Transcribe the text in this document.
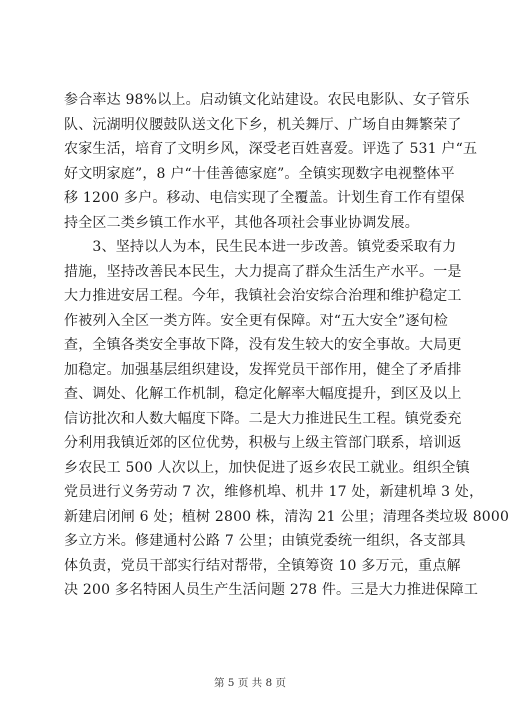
参合率达 98%以上。启动镇文化站建设。农民电影队、女子管乐
队、沅湖明仪腰鼓队送文化下乡，机关舞厅、广场自由舞繁荣了
农家生活，培育了文明乡风，深受老百姓喜爱。评选了 531 户“五
好文明家庭”，8 户“十佳善德家庭”。全镇实现数字电视整体平
移 1200 多户。移动、电信实现了全覆盖。计划生育工作有望保
持全区二类乡镇工作水平，其他各项社会事业协调发展。
　　3、坚持以人为本，民生民本进一步改善。镇党委采取有力
措施，坚持改善民本民生，大力提高了群众生活生产水平。一是
大力推进安居工程。今年，我镇社会治安综合治理和维护稳定工
作被列入全区一类方阵。安全更有保障。对“五大安全”逐旬检
查，全镇各类安全事故下降，没有发生较大的安全事故。大局更
加稳定。加强基层组织建设，发挥党员干部作用，健全了矛盾排
查、调处、化解工作机制，稳定化解率大幅度提升，到区及以上
信访批次和人数大幅度下降。二是大力推进民生工程。镇党委充
分利用我镇近郊的区位优势，积极与上级主管部门联系，培训返
乡农民工 500 人次以上，加快促进了返乡农民工就业。组织全镇
党员进行义务劳动 7 次，维修机埠、机井 17 处，新建机埠 3 处，
新建启闭闸 6 处；植树 2800 株，清沟 21 公里；清理各类垃圾 8000
多立方米。修建通村公路 7 公里；由镇党委统一组织，各支部具
体负责，党员干部实行结对帮带，全镇筹资 10 多万元，重点解
决 200 多名特困人员生产生活问题 278 件。三是大力推进保障工
第 5 页 共 8 页
